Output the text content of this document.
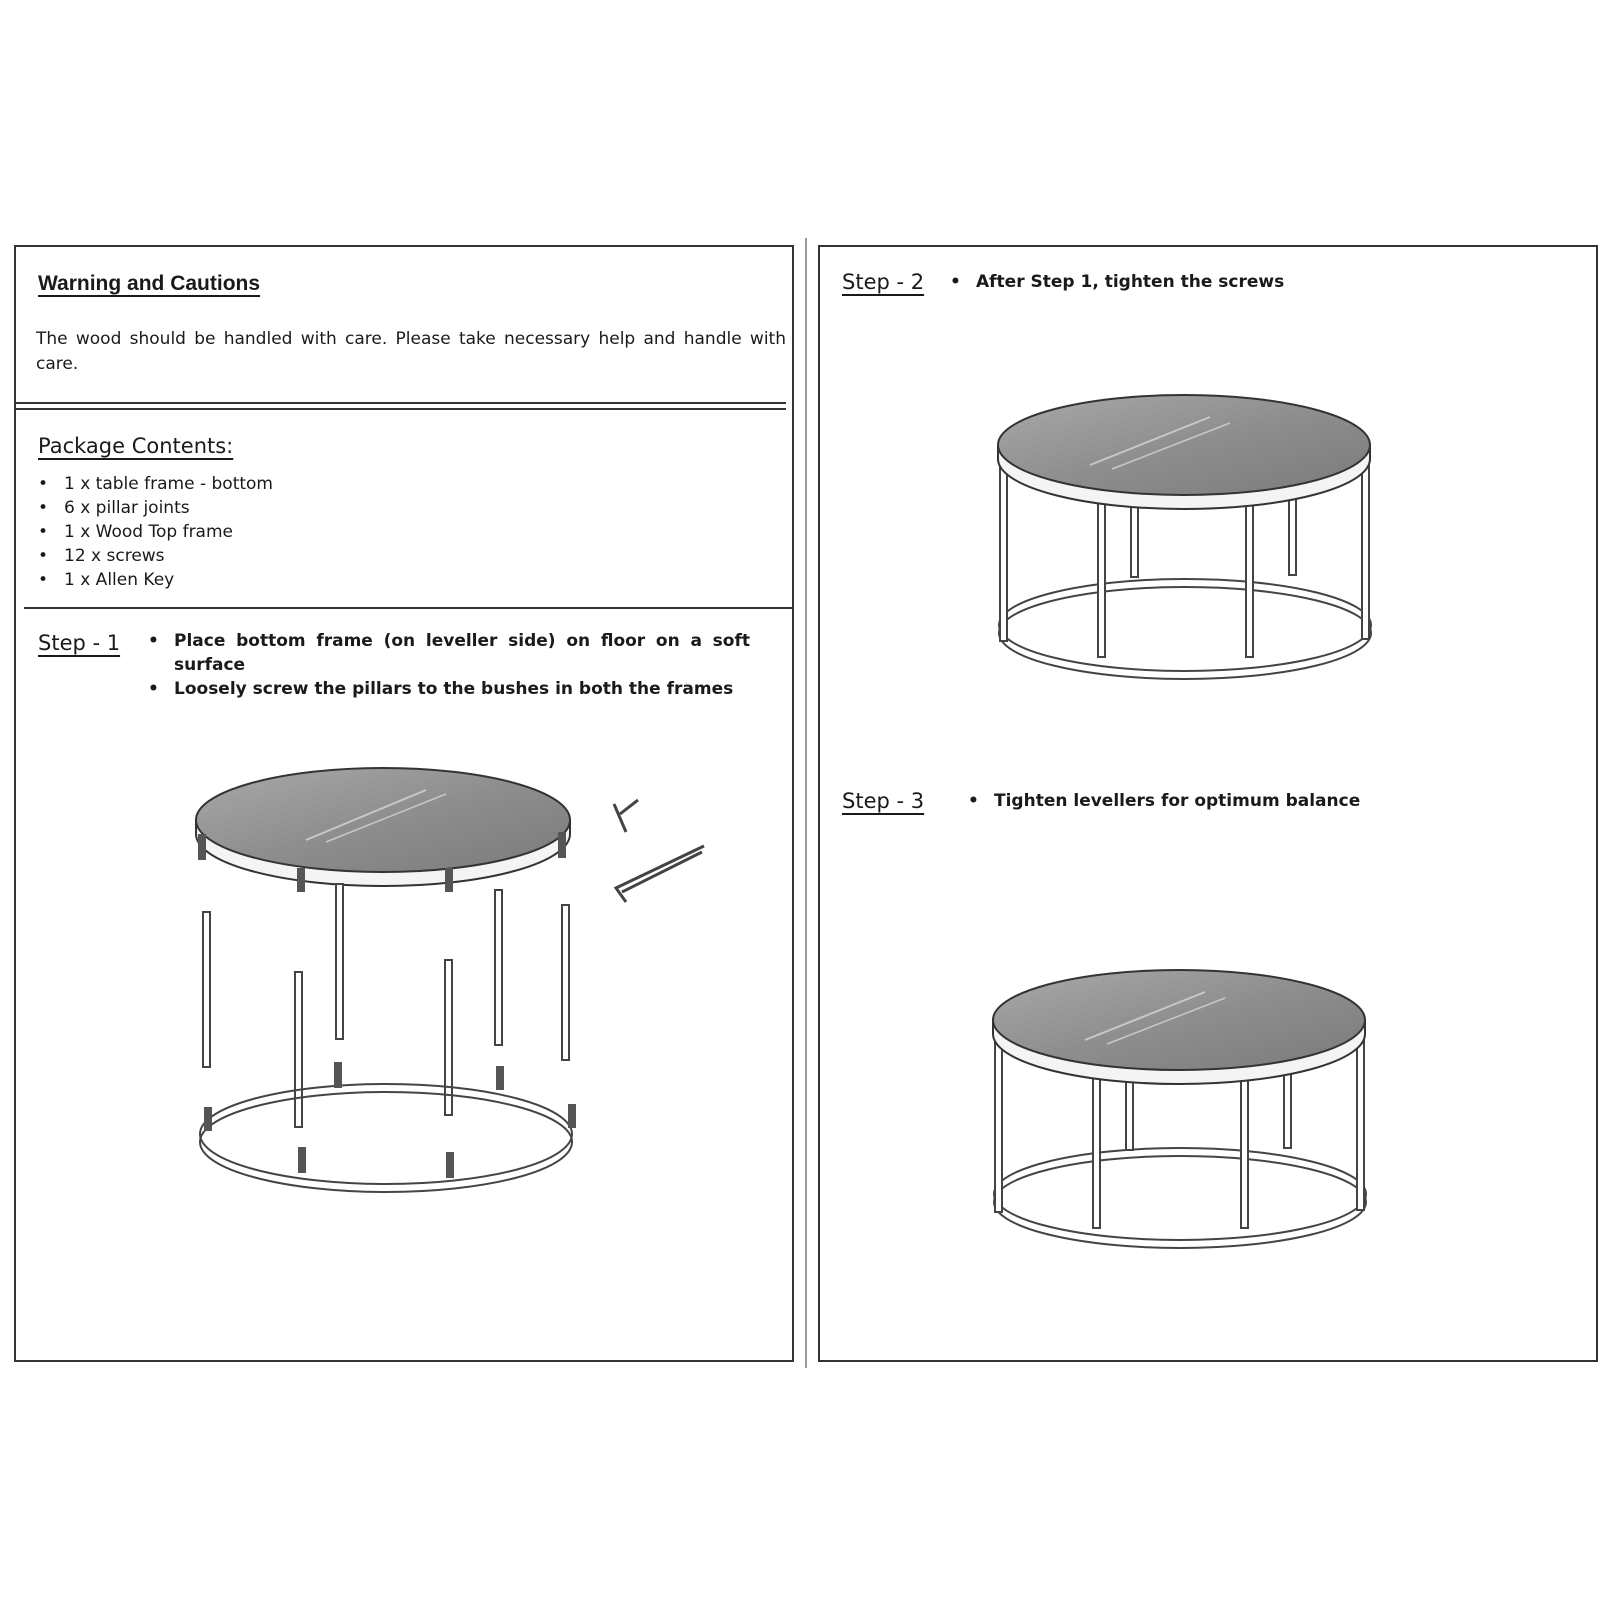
Warning and Cautions
The wood should be handled with care. Please take necessary help and handle with care.
Package Contents:
• 1 x table frame - bottom
• 6 x pillar joints
• 1 x Wood Top frame
• 12 x screws
• 1 x Allen Key
Step - 1	• Place bottom frame (on leveller side) on floor on a soft surface
• Loosely screw the pillars to the bushes in both the frames
Step - 2	• After Step 1, tighten the screws
Step - 3	• Tighten levellers for optimum balance
